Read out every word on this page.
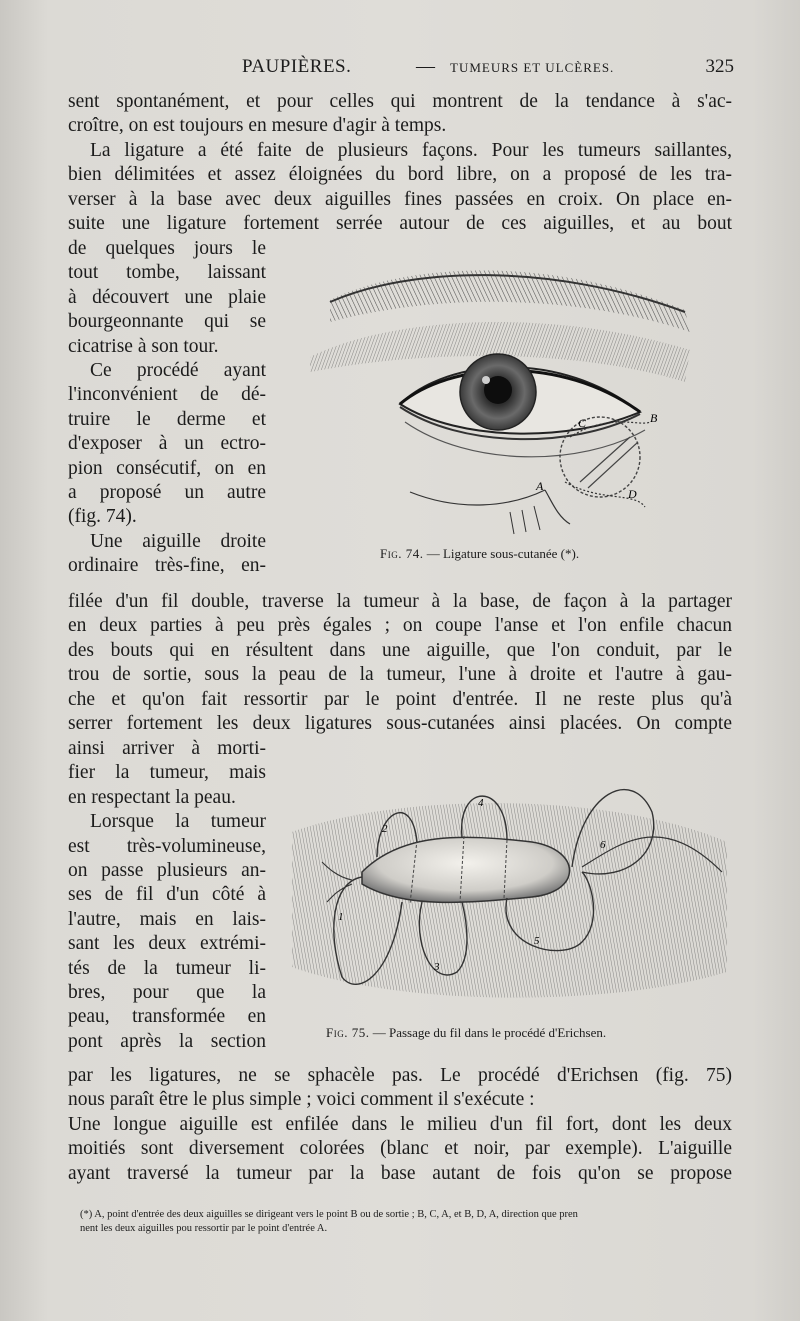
PAUPIÈRES.	— TUMEURS ET ULCÈRES.	325
sent spontanément, et pour celles qui montrent de la tendance à s'ac-
croître, on est toujours en mesure d'agir à temps.
La ligature a été faite de plusieurs façons. Pour les tumeurs saillantes,
bien délimitées et assez éloignées du bord libre, on a proposé de les tra-
verser à la base avec deux aiguilles fines passées en croix. On place en-
suite une ligature fortement serrée autour de ces aiguilles, et au bout
de quelques jours le
tout tombe, laissant
à découvert une plaie
bourgeonnante qui se
cicatrise à son tour.
Ce procédé ayant
l'inconvénient de dé-
truire le derme et
d'exposer à un ectro-
pion consécutif, on en
a proposé un autre
(fig. 74).
Une aiguille droite
ordinaire très-fine, en-
A
B
C
D
Fig. 74. — Ligature sous-cutanée (*).
filée d'un fil double, traverse la tumeur à la base, de façon à la partager
en deux parties à peu près égales ; on coupe l'anse et l'on enfile chacun
des bouts qui en résultent dans une aiguille, que l'on conduit, par le
trou de sortie, sous la peau de la tumeur, l'une à droite et l'autre à gau-
che et qu'on fait ressortir par le point d'entrée. Il ne reste plus qu'à
serrer fortement les deux ligatures sous-cutanées ainsi placées. On compte
ainsi arriver à morti-
fier la tumeur, mais
en respectant la peau.
Lorsque la tumeur
est très-volumineuse,
on passe plusieurs an-
ses de fil d'un côté à
l'autre, mais en lais-
sant les deux extrémi-
tés de la tumeur li-
bres, pour que la
peau, transformée en
pont après la section
1
2
3
4
5
6
Fig. 75. — Passage du fil dans le procédé d'Erichsen.
par les ligatures, ne se sphacèle pas. Le procédé d'Erichsen (fig. 75)
nous paraît être le plus simple ; voici comment il s'exécute :
Une longue aiguille est enfilée dans le milieu d'un fil fort, dont les deux
moitiés sont diversement colorées (blanc et noir, par exemple). L'aiguille
ayant traversé la tumeur par la base autant de fois qu'on se propose
(*) A, point d'entrée des deux aiguilles se dirigeant vers le point B ou de sortie ; B, C, A, et B, D, A, direction que pren
nent les deux aiguilles pou ressortir par le point d'entrée A.
